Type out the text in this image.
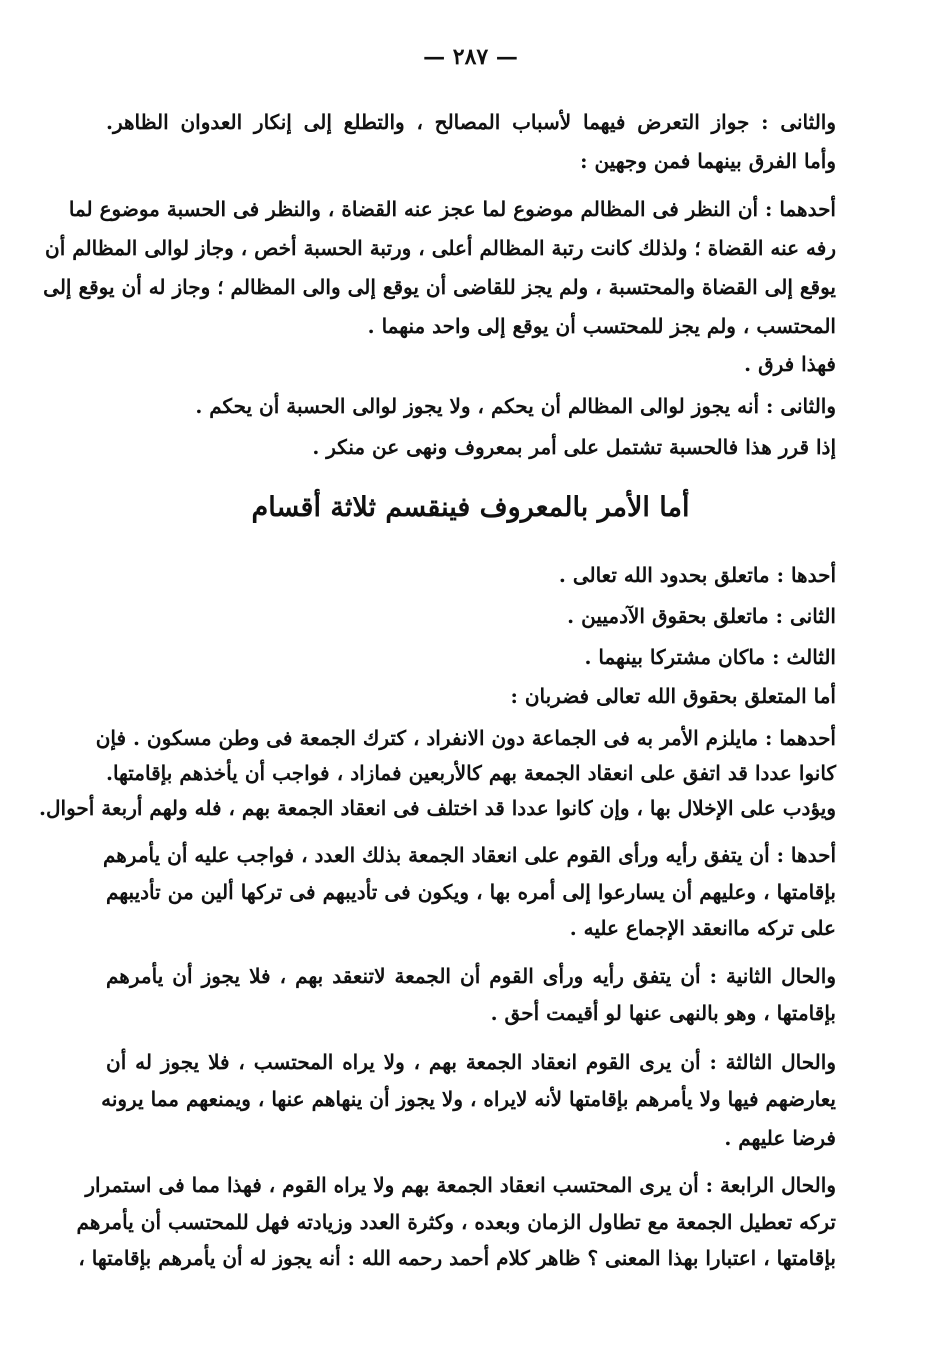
— ٢٨٧ —
والثانى : جواز التعرض فيهما لأسباب المصالح ، والتطلع إلى إنكار العدوان الظاهر.
وأما الفرق بينهما فمن وجهين :
أحدهما : أن النظر فى المظالم موضوع لما عجز عنه القضاة ، والنظر فى الحسبة موضوع لما
رفه عنه القضاة ؛ ولذلك كانت رتبة المظالم أعلى ، ورتبة الحسبة أخص ، وجاز لوالى المظالم أن
يوقع إلى القضاة والمحتسبة ، ولم يجز للقاضى أن يوقع إلى والى المظالم ؛ وجاز له أن يوقع إلى
المحتسب ، ولم يجز للمحتسب أن يوقع إلى واحد منهما .
فهذا فرق .
والثانى : أنه يجوز لوالى المظالم أن يحكم ، ولا يجوز لوالى الحسبة أن يحكم .
إذا قرر هذا فالحسبة تشتمل على أمر بمعروف ونهى عن منكر .
أما الأمر بالمعروف فينقسم ثلاثة أقسام
أحدها : ماتعلق بحدود الله تعالى .
الثانى : ماتعلق بحقوق الآدميين .
الثالث : ماكان مشتركا بينهما .
أما المتعلق بحقوق الله تعالى فضربان :
أحدهما : مايلزم الأمر به فى الجماعة دون الانفراد ، كترك الجمعة فى وطن مسكون . فإن
كانوا عددا قد اتفق على انعقاد الجمعة بهم كالأربعين فمازاد ، فواجب أن يأخذهم بإقامتها.
ويؤدب على الإخلال بها ، وإن كانوا عددا قد اختلف فى انعقاد الجمعة بهم ، فله ولهم أربعة أحوال.
أحدها : أن يتفق رأيه ورأى القوم على انعقاد الجمعة بذلك العدد ، فواجب عليه أن يأمرهم
بإقامتها ، وعليهم أن يسارعوا إلى أمره بها ، ويكون فى تأديبهم فى تركها ألين من تأديبهم
على تركه ماانعقد الإجماع عليه .
والحال الثانية : أن يتفق رأيه ورأى القوم أن الجمعة لاتنعقد بهم ، فلا يجوز أن يأمرهم
بإقامتها ، وهو بالنهى عنها لو أقيمت أحق .
والحال الثالثة : أن يرى القوم انعقاد الجمعة بهم ، ولا يراه المحتسب ، فلا يجوز له أن
يعارضهم فيها ولا يأمرهم بإقامتها لأنه لايراه ، ولا يجوز أن ينهاهم عنها ، ويمنعهم مما يرونه
فرضا عليهم .
والحال الرابعة : أن يرى المحتسب انعقاد الجمعة بهم ولا يراه القوم ، فهذا مما فى استمرار
تركه تعطيل الجمعة مع تطاول الزمان وبعده ، وكثرة العدد وزيادته فهل للمحتسب أن يأمرهم
بإقامتها ، اعتبارا بهذا المعنى ؟ ظاهر كلام أحمد رحمه الله : أنه يجوز له أن يأمرهم بإقامتها ،
